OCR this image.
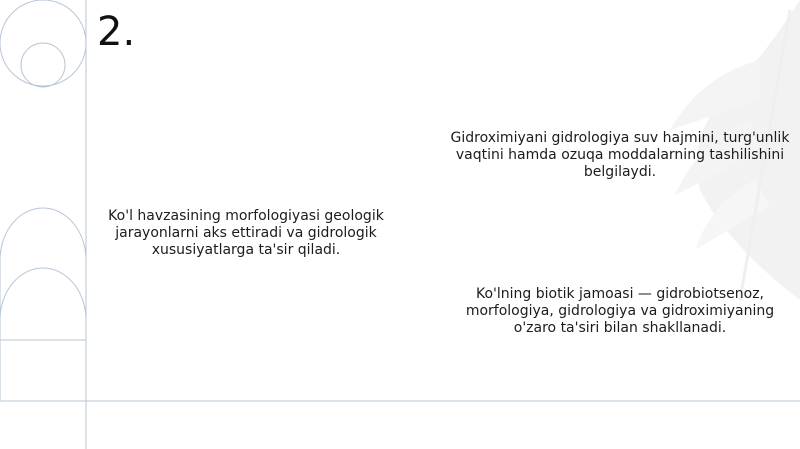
2.
Ko'l havzasining morfologiyasi geologik jarayonlarni aks ettiradi va gidrologik xususiyatlarga ta'sir qiladi.
Gidroximiyani gidrologiya suv hajmini, turg'unlik vaqtini hamda ozuqa moddalarning tashilishini belgilaydi.
Ko'lning biotik jamoasi — gidrobiotsenoz, morfologiya, gidrologiya va gidroximiyaning o'zaro ta'siri bilan shakllanadi.
